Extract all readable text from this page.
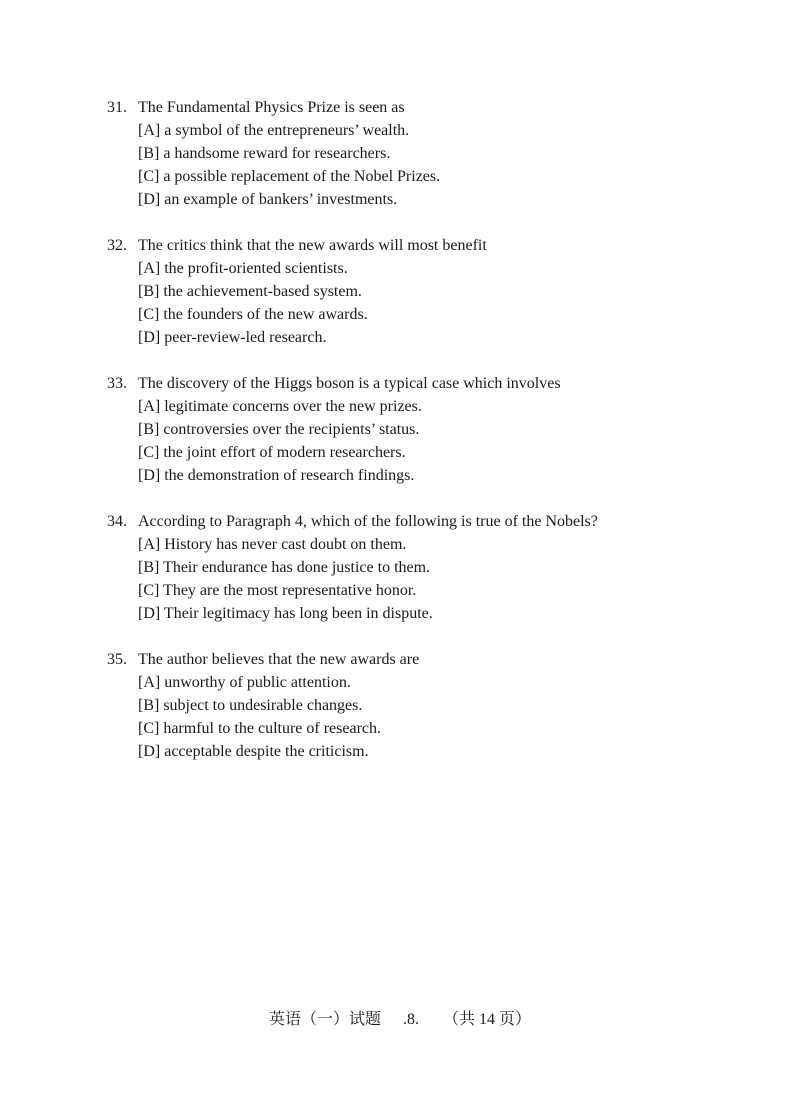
31. The Fundamental Physics Prize is seen as
[A] a symbol of the entrepreneurs’ wealth.
[B] a handsome reward for researchers.
[C] a possible replacement of the Nobel Prizes.
[D] an example of bankers’ investments.
32. The critics think that the new awards will most benefit
[A] the profit-oriented scientists.
[B] the achievement-based system.
[C] the founders of the new awards.
[D] peer-review-led research.
33. The discovery of the Higgs boson is a typical case which involves
[A] legitimate concerns over the new prizes.
[B] controversies over the recipients’ status.
[C] the joint effort of modern researchers.
[D] the demonstration of research findings.
34. According to Paragraph 4, which of the following is true of the Nobels?
[A] History has never cast doubt on them.
[B] Their endurance has done justice to them.
[C] They are the most representative honor.
[D] Their legitimacy has long been in dispute.
35. The author believes that the new awards are
[A] unworthy of public attention.
[B] subject to undesirable changes.
[C] harmful to the culture of research.
[D] acceptable despite the criticism.
英语（一）试题 .8. （共 14 页）
